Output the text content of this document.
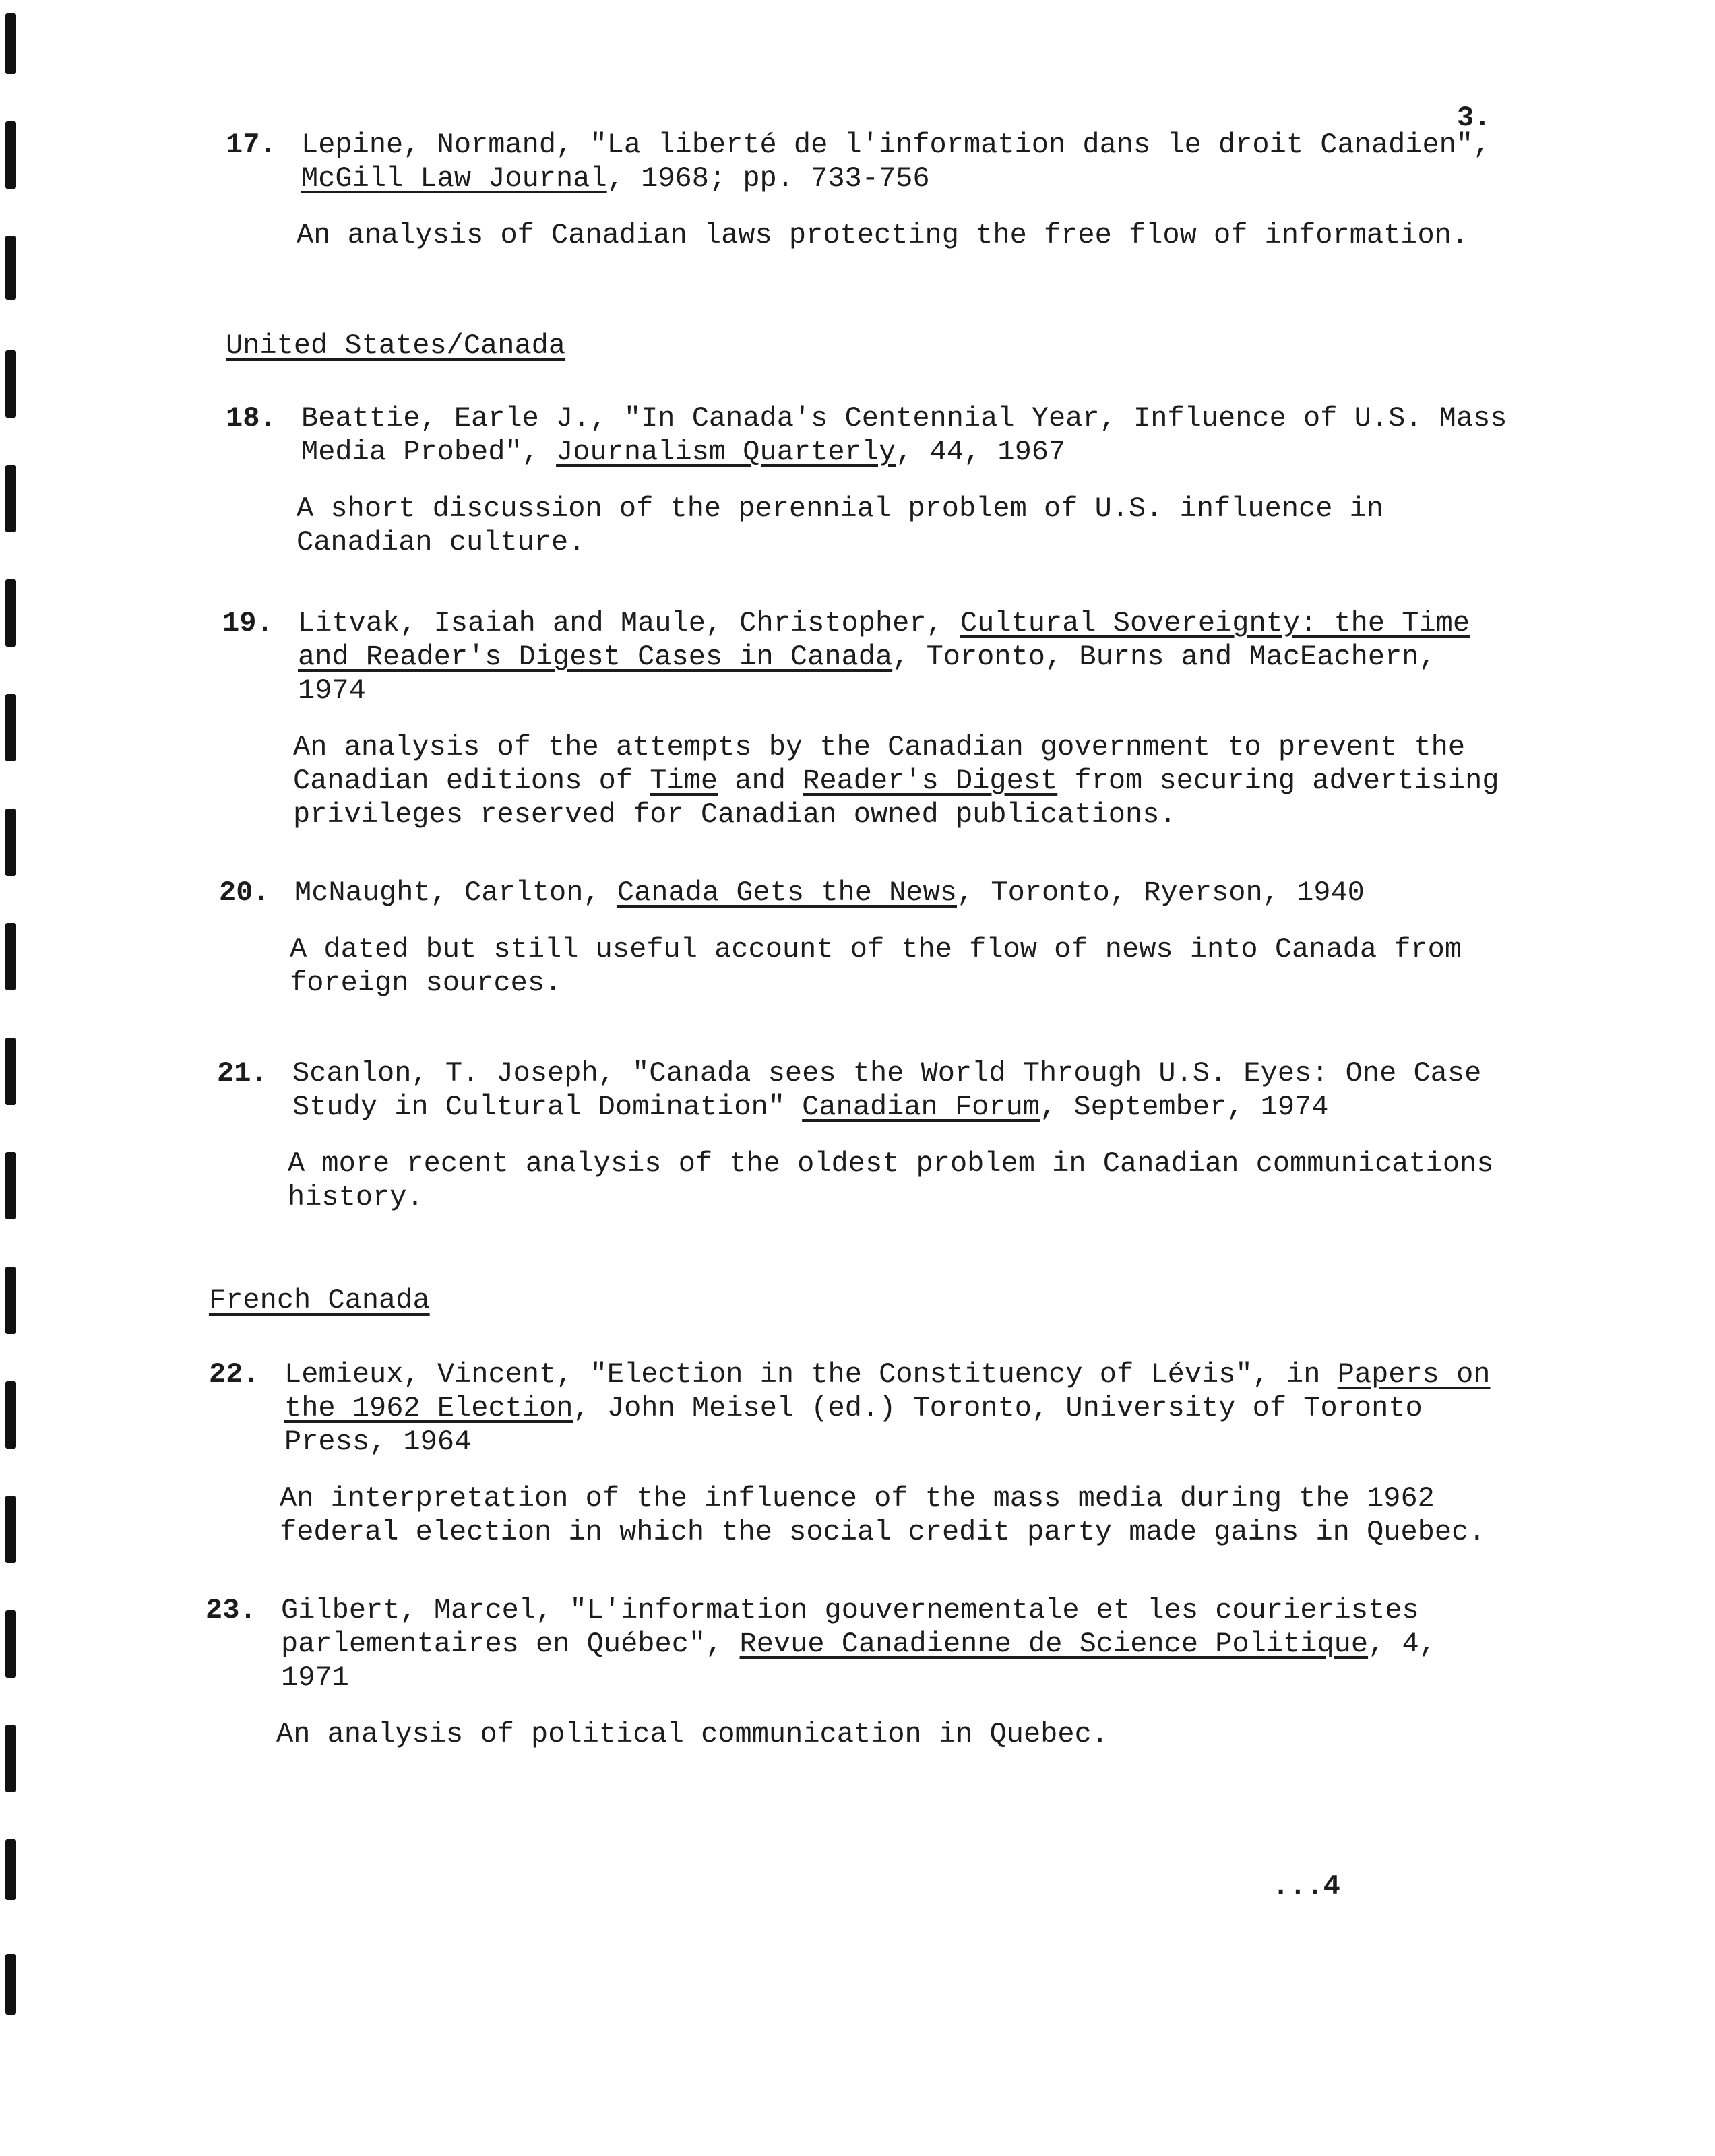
3.
17. Lepine, Normand, "La liberté de l'information dans le droit Canadien", McGill Law Journal, 1968; pp. 733-756
An analysis of Canadian laws protecting the free flow of information.
United States/Canada
18. Beattie, Earle J., "In Canada's Centennial Year, Influence of U.S. Mass Media Probed", Journalism Quarterly, 44, 1967
A short discussion of the perennial problem of U.S. influence in Canadian culture.
19. Litvak, Isaiah and Maule, Christopher, Cultural Sovereignty: the Time and Reader's Digest Cases in Canada, Toronto, Burns and MacEachern, 1974
An analysis of the attempts by the Canadian government to prevent the Canadian editions of Time and Reader's Digest from securing advertising privileges reserved for Canadian owned publications.
20. McNaught, Carlton, Canada Gets the News, Toronto, Ryerson, 1940
A dated but still useful account of the flow of news into Canada from foreign sources.
21. Scanlon, T. Joseph, "Canada sees the World Through U.S. Eyes: One Case Study in Cultural Domination" Canadian Forum, September, 1974
A more recent analysis of the oldest problem in Canadian communications history.
French Canada
22. Lemieux, Vincent, "Election in the Constituency of Lévis", in Papers on the 1962 Election, John Meisel (ed.) Toronto, University of Toronto Press, 1964
An interpretation of the influence of the mass media during the 1962 federal election in which the social credit party made gains in Quebec.
23. Gilbert, Marcel, "L'information gouvernementale et les courieristes parlementaires en Québec", Revue Canadienne de Science Politique, 4, 1971
An analysis of political communication in Quebec.
...4
